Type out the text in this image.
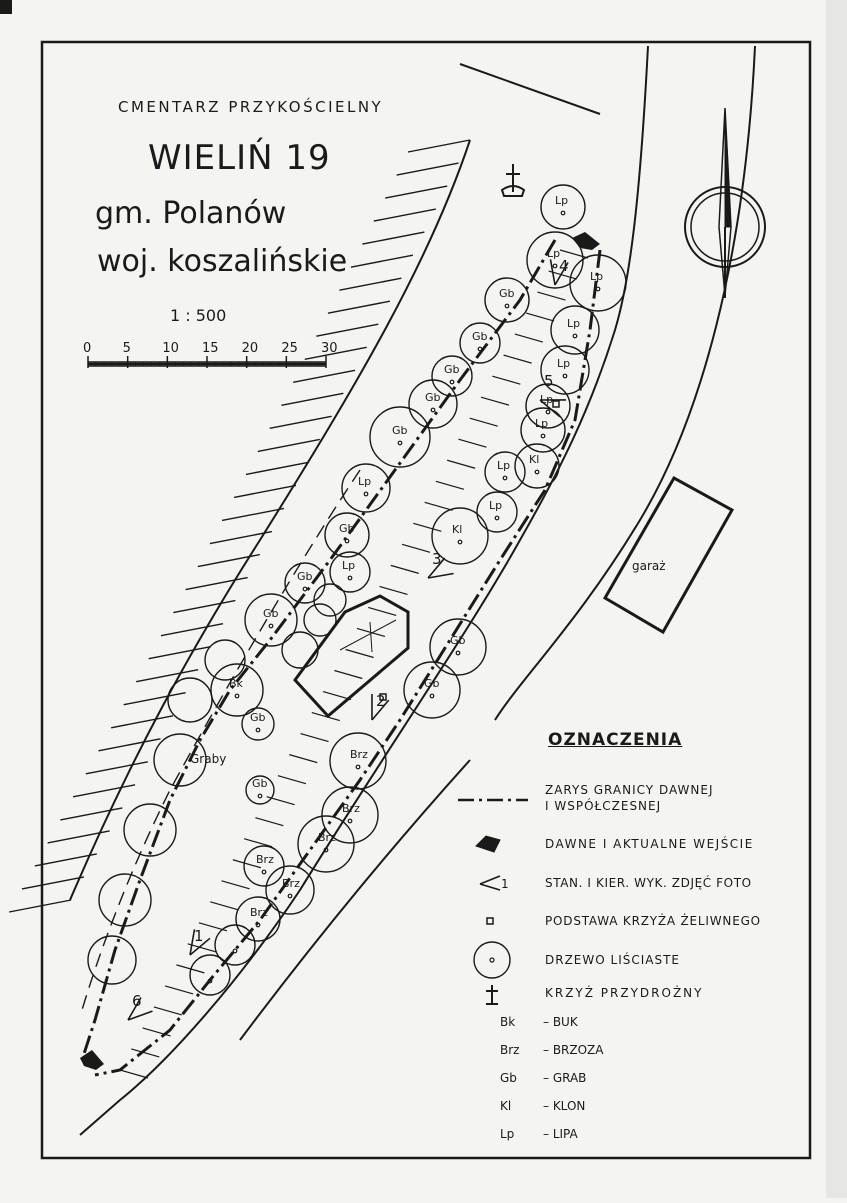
garaż
Lp
Lp
Lp
Lp
Lp
Lp
Lp
Lp
Lp
Lp
Lp
Kl
Kl
Gb
Gb
Gb
Gb
Gb
Gb
Gb
Gb
Gb
Gb
Gb
Gb
Bk
Brz
Brz
Brz
Brz
Brz
Brz
Graby
1
2
3
4
5
6
0 5 10 15 20 25 30
1
CMENTARZ PRZYKOŚCIELNY
WIELIŃ 19
gm. Polanów
woj. koszalińskie
1 : 500
OZNACZENIA
ZARYS GRANICY DAWNEJ
I WSPÓŁCZESNEJ
DAWNE I AKTUALNE WEJŚCIE
STAN. I KIER. WYK. ZDJĘĆ FOTO
PODSTAWA KRZYŻA ŻELIWNEGO
DRZEWO LIŚCIASTE
KRZYŻ PRZYDROŻNY
Bk – BUK
Brz – BRZOZA
Gb – GRAB
Kl	– KLON
Lp – LIPA
